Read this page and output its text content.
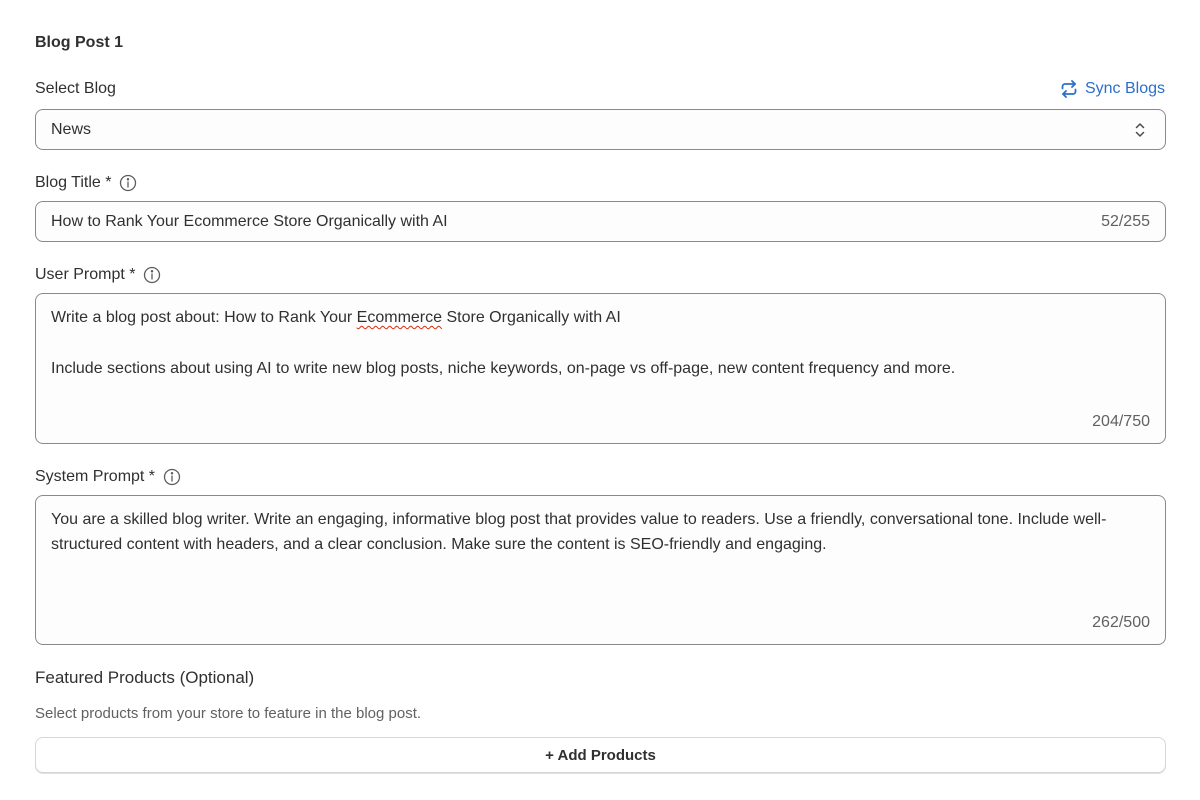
Blog Post 1
Select Blog	Sync Blogs
News
Blog Title *
How to Rank Your Ecommerce Store Organically with AI	52/255
User Prompt *
Write a blog post about: How to Rank Your Ecommerce Store Organically with AI
Include sections about using AI to write new blog posts, niche keywords, on-page vs off-page, new content frequency and more.
204/750
System Prompt *
You are a skilled blog writer. Write an engaging, informative blog post that provides value to readers. Use a friendly, conversational tone. Include well-structured content with headers, and a clear conclusion. Make sure the content is SEO-friendly and engaging.
262/500
Featured Products (Optional)
Select products from your store to feature in the blog post.
+ Add Products
